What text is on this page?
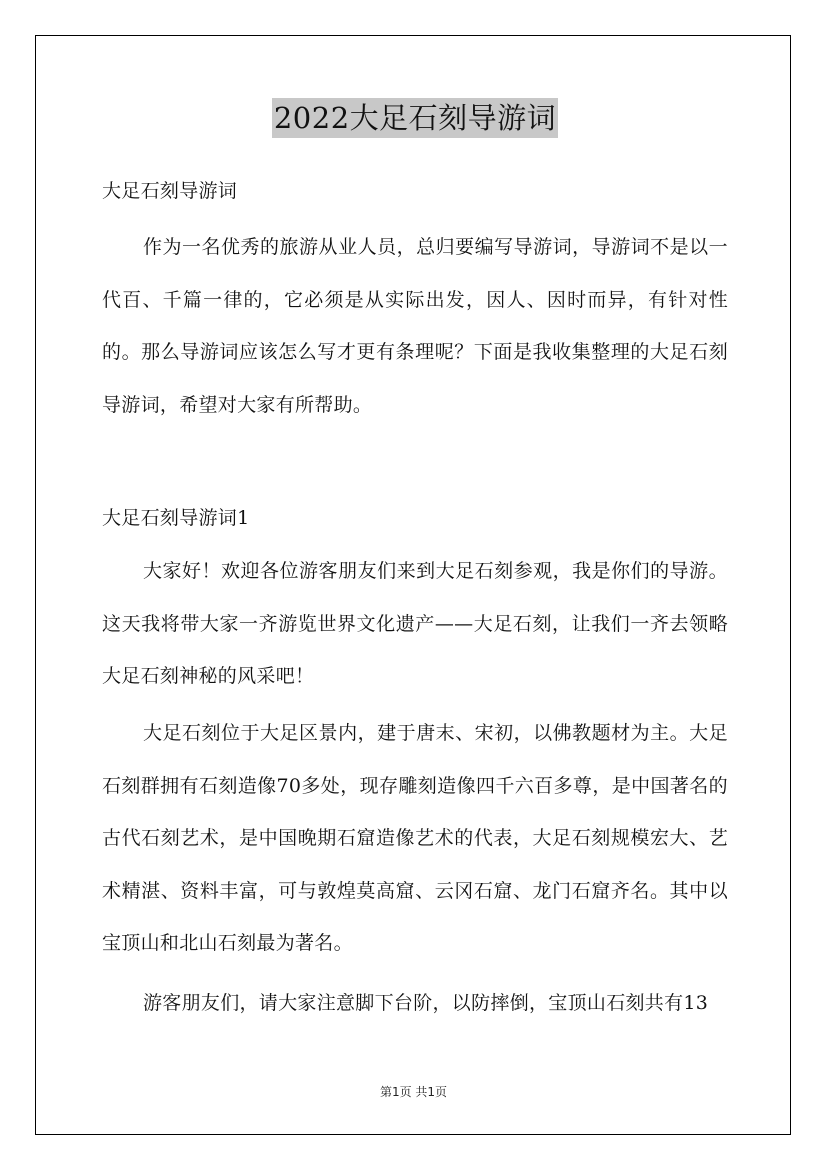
2022大足石刻导游词
大足石刻导游词
作为一名优秀的旅游从业人员，总归要编写导游词，导游词不是以一代百、千篇一律的，它必须是从实际出发，因人、因时而异，有针对性的。那么导游词应该怎么写才更有条理呢？下面是我收集整理的大足石刻导游词，希望对大家有所帮助。
大足石刻导游词1
大家好！欢迎各位游客朋友们来到大足石刻参观，我是你们的导游。这天我将带大家一齐游览世界文化遗产——大足石刻，让我们一齐去领略大足石刻神秘的风采吧！
大足石刻位于大足区景内，建于唐末、宋初，以佛教题材为主。大足石刻群拥有石刻造像70多处，现存雕刻造像四千六百多尊，是中国著名的古代石刻艺术，是中国晚期石窟造像艺术的代表，大足石刻规模宏大、艺术精湛、资料丰富，可与敦煌莫高窟、云冈石窟、龙门石窟齐名。其中以宝顶山和北山石刻最为著名。
游客朋友们，请大家注意脚下台阶，以防摔倒，宝顶山石刻共有13
第1页 共1页
